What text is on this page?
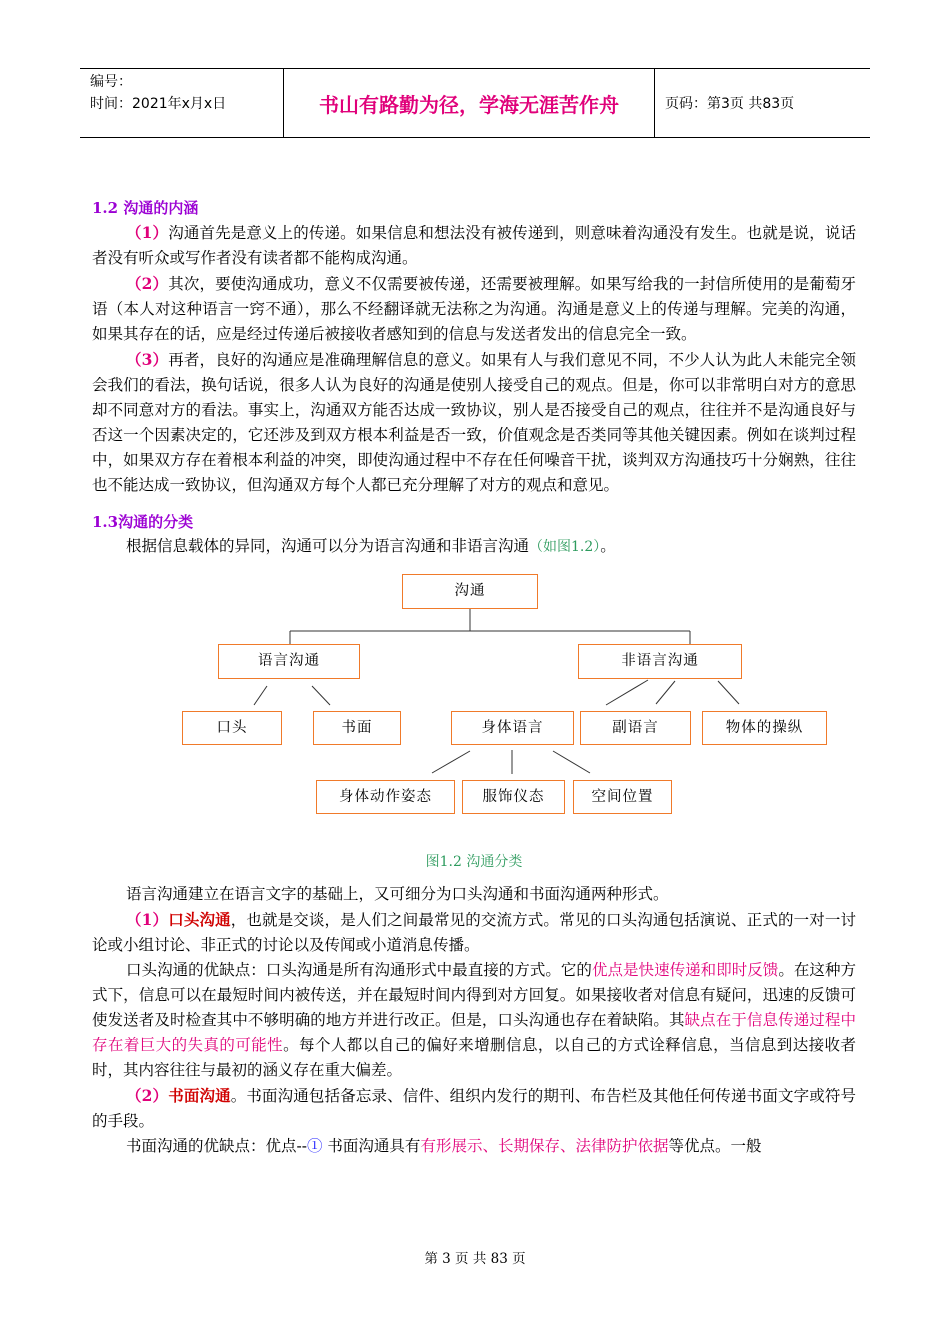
编号：
时间：2021年x月x日	书山有路勤为径，学海无涯苦作舟	页码：第3页 共83页
1.2 沟通的内涵

（1）沟通首先是意义上的传递。如果信息和想法没有被传递到，则意味着沟通没有发生。也就是说，说话者没有听众或写作者没有读者都不能构成沟通。

（2）其次，要使沟通成功，意义不仅需要被传递，还需要被理解。如果写给我的一封信所使用的是葡萄牙语（本人对这种语言一窍不通），那么不经翻译就无法称之为沟通。沟通是意义上的传递与理解。完美的沟通，如果其存在的话，应是经过传递后被接收者感知到的信息与发送者发出的信息完全一致。

（3）再者，良好的沟通应是准确理解信息的意义。如果有人与我们意见不同，不少人认为此人未能完全领会我们的看法，换句话说，很多人认为良好的沟通是使别人接受自己的观点。但是，你可以非常明白对方的意思却不同意对方的看法。事实上，沟通双方能否达成一致协议，别人是否接受自己的观点，往往并不是沟通良好与否这一个因素决定的，它还涉及到双方根本利益是否一致，价值观念是否类同等其他关键因素。例如在谈判过程中，如果双方存在着根本利益的冲突，即使沟通过程中不存在任何噪音干扰，谈判双方沟通技巧十分娴熟，往往也不能达成一致协议，但沟通双方每个人都已充分理解了对方的观点和意见。

1.3沟通的分类

根据信息载体的异同，沟通可以分为语言沟通和非语言沟通（如图1.2）。

沟通
语言沟通	非语言沟通
口头	书面	身体语言	副语言	物体的操纵
身体动作姿态	服饰仪态	空间位置
图1.2 沟通分类

语言沟通建立在语言文字的基础上，又可细分为口头沟通和书面沟通两种形式。

（1）口头沟通，也就是交谈，是人们之间最常见的交流方式。常见的口头沟通包括演说、正式的一对一讨论或小组讨论、非正式的讨论以及传闻或小道消息传播。

口头沟通的优缺点：口头沟通是所有沟通形式中最直接的方式。它的优点是快速传递和即时反馈。在这种方式下，信息可以在最短时间内被传送，并在最短时间内得到对方回复。如果接收者对信息有疑问，迅速的反馈可使发送者及时检查其中不够明确的地方并进行改正。但是，口头沟通也存在着缺陷。其缺点在于信息传递过程中存在着巨大的失真的可能性。每个人都以自己的偏好来增删信息，以自己的方式诠释信息，当信息到达接收者时，其内容往往与最初的涵义存在重大偏差。

（2）书面沟通。书面沟通包括备忘录、信件、组织内发行的期刊、布告栏及其他任何传递书面文字或符号的手段。

书面沟通的优缺点：优点--① 书面沟通具有有形展示、长期保存、法律防护依据等优点。一般

第 3 页 共 83 页
